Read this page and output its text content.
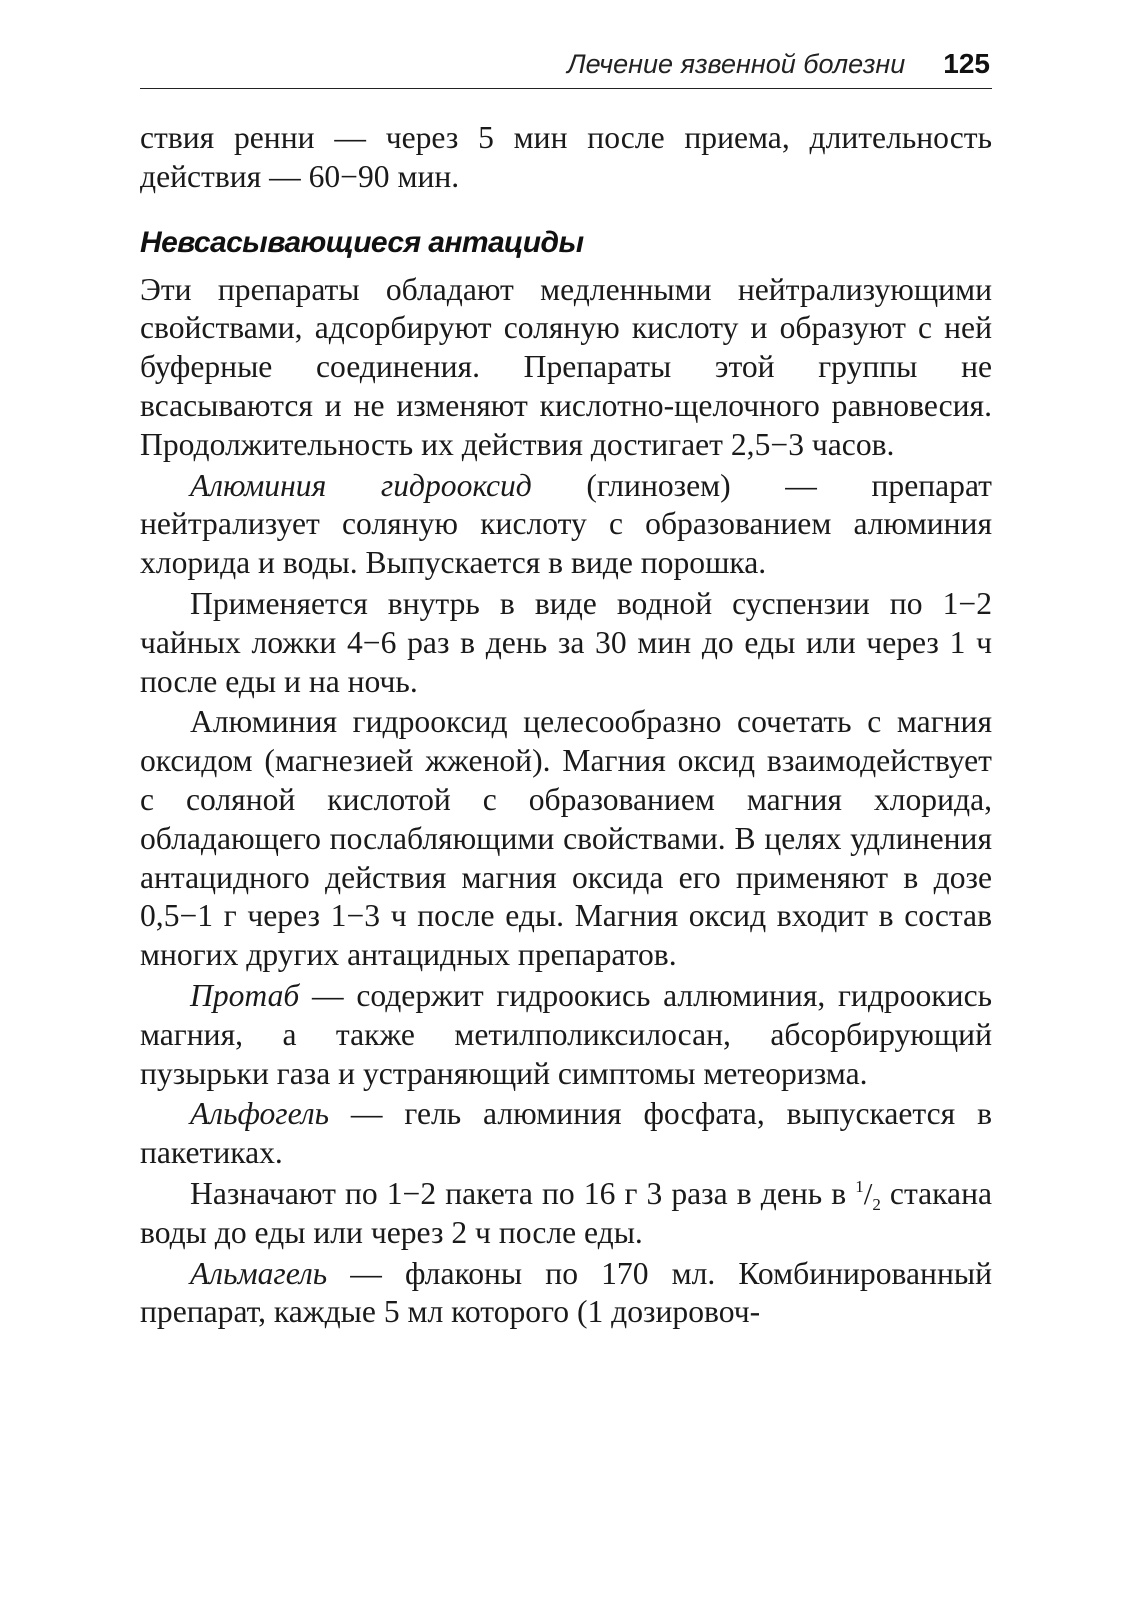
Лечение язвенной болезни 125

ствия ренни — через 5 мин после приема, длительность действия — 60−90 мин.

Невсасывающиеся антациды

Эти препараты обладают медленными нейтрализующими свойствами, адсорбируют соляную кислоту и образуют с ней буферные соединения. Препараты этой группы не всасываются и не изменяют кислотно-щелочного равновесия. Продолжительность их действия достигает 2,5−3 часов.

Алюминия гидрооксид (глинозем) — препарат нейтрализует соляную кислоту с образованием алюминия хлорида и воды. Выпускается в виде порошка.

Применяется внутрь в виде водной суспензии по 1−2 чайных ложки 4−6 раз в день за 30 мин до еды или через 1 ч после еды и на ночь.

Алюминия гидрооксид целесообразно сочетать с магния оксидом (магнезией жженой). Магния оксид взаимодействует с соляной кислотой с образованием магния хлорида, обладающего послабляющими свойствами. В целях удлинения антацидного действия магния оксида его применяют в дозе 0,5−1 г через 1−3 ч после еды. Магния оксид входит в состав многих других антацидных препаратов.

Протаб — содержит гидроокись аллюминия, гидроокись магния, а также метилполиксилосан, абсорбирующий пузырьки газа и устраняющий симптомы метеоризма.

Альфогель — гель алюминия фосфата, выпускается в пакетиках.

Назначают по 1−2 пакета по 16 г 3 раза в день в $^1/_2$ стакана воды до еды или через 2 ч после еды.

Альмагель — флаконы по 170 мл. Комбинированный препарат, каждые 5 мл которого (1 дозировоч-
